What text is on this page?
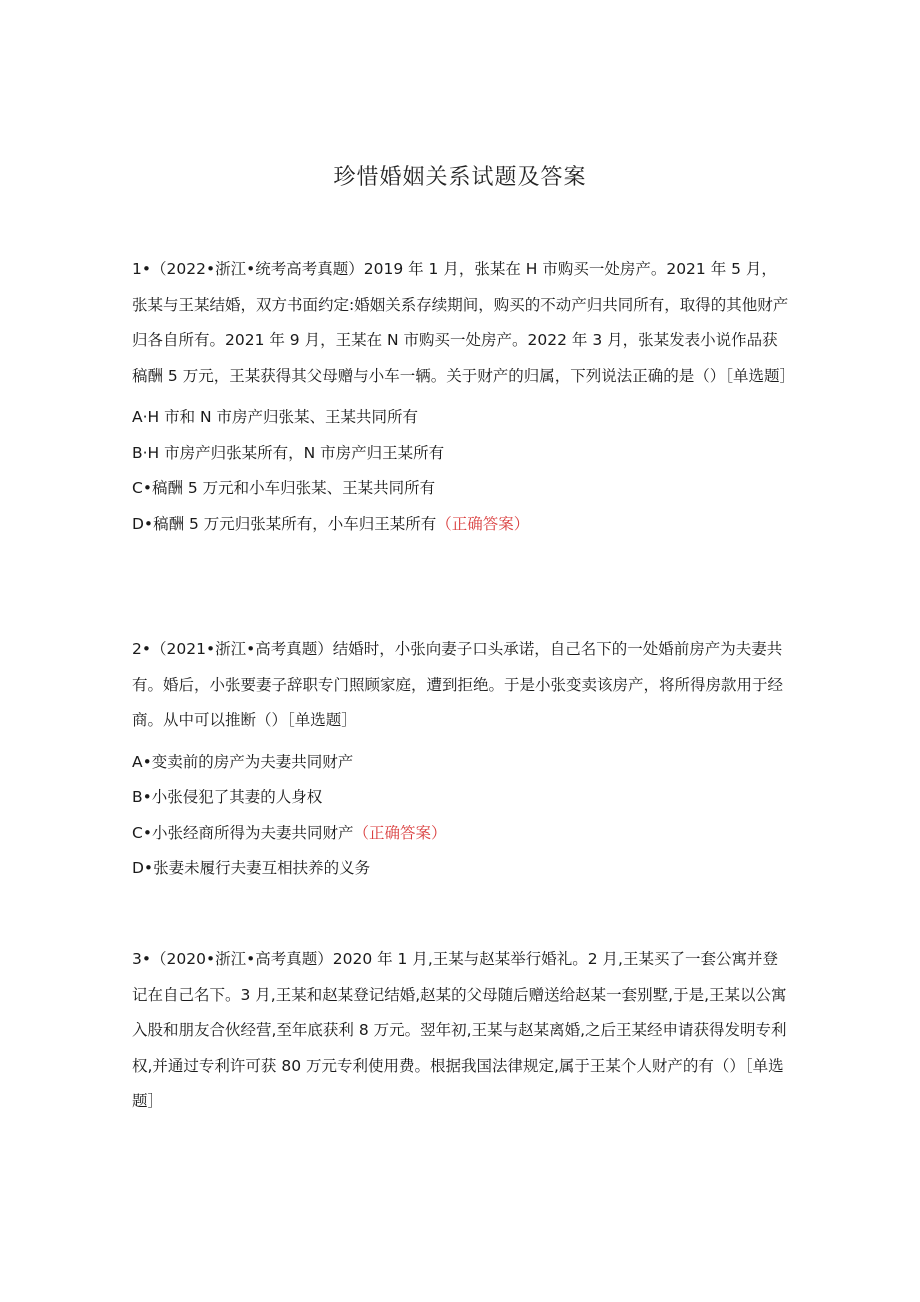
珍惜婚姻关系试题及答案

1•（2022•浙江•统考高考真题）2019 年 1 月，张某在 H 市购买一处房产。2021 年 5 月，张某与王某结婚，双方书面约定:婚姻关系存续期间，购买的不动产归共同所有，取得的其他财产归各自所有。2021 年 9 月，王某在 N 市购买一处房产。2022 年 3 月，张某发表小说作品获稿酬 5 万元，王某获得其父母赠与小车一辆。关于财产的归属，下列说法正确的是（）［单选题］

A·H 市和 N 市房产归张某、王某共同所有
B·H 市房产归张某所有，N 市房产归王某所有
C•稿酬 5 万元和小车归张某、王某共同所有
D•稿酬 5 万元归张某所有，小车归王某所有（正确答案）

2•（2021•浙江•高考真题）结婚时，小张向妻子口头承诺，自己名下的一处婚前房产为夫妻共有。婚后，小张要妻子辞职专门照顾家庭，遭到拒绝。于是小张变卖该房产，将所得房款用于经商。从中可以推断（）［单选题］

A•变卖前的房产为夫妻共同财产
B•小张侵犯了其妻的人身权
C•小张经商所得为夫妻共同财产（正确答案）
D•张妻未履行夫妻互相扶养的义务

3•（2020•浙江•高考真题）2020 年 1 月,王某与赵某举行婚礼。2 月,王某买了一套公寓并登记在自己名下。3 月,王某和赵某登记结婚,赵某的父母随后赠送给赵某一套别墅,于是,王某以公寓入股和朋友合伙经营,至年底获利 8 万元。翌年初,王某与赵某离婚,之后王某经申请获得发明专利权,并通过专利许可获 80 万元专利使用费。根据我国法律规定,属于王某个人财产的有（）［单选题］
